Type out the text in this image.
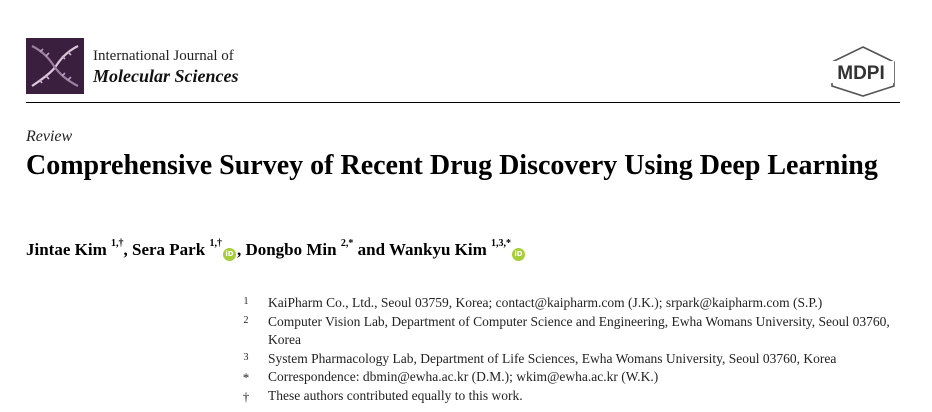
International Journal of
Molecular Sciences	MDPI
Review
Comprehensive Survey of Recent Drug Discovery Using Deep Learning
Jintae Kim $^{1,\dagger}$, Sera Park $^{1,\dagger}$iD , Dongbo Min $^{2,*}$ and Wankyu Kim $^{1,3,*}$iD
1	KaiPharm Co., Ltd., Seoul 03759, Korea; contact@kaipharm.com (J.K.); srpark@kaipharm.com (S.P.)
2	Computer Vision Lab, Department of Computer Science and Engineering, Ewha Womans University, Seoul 03760, Korea
3	System Pharmacology Lab, Department of Life Sciences, Ewha Womans University, Seoul 03760, Korea
*	Correspondence: dbmin@ewha.ac.kr (D.M.); wkim@ewha.ac.kr (W.K.)
†	These authors contributed equally to this work.
